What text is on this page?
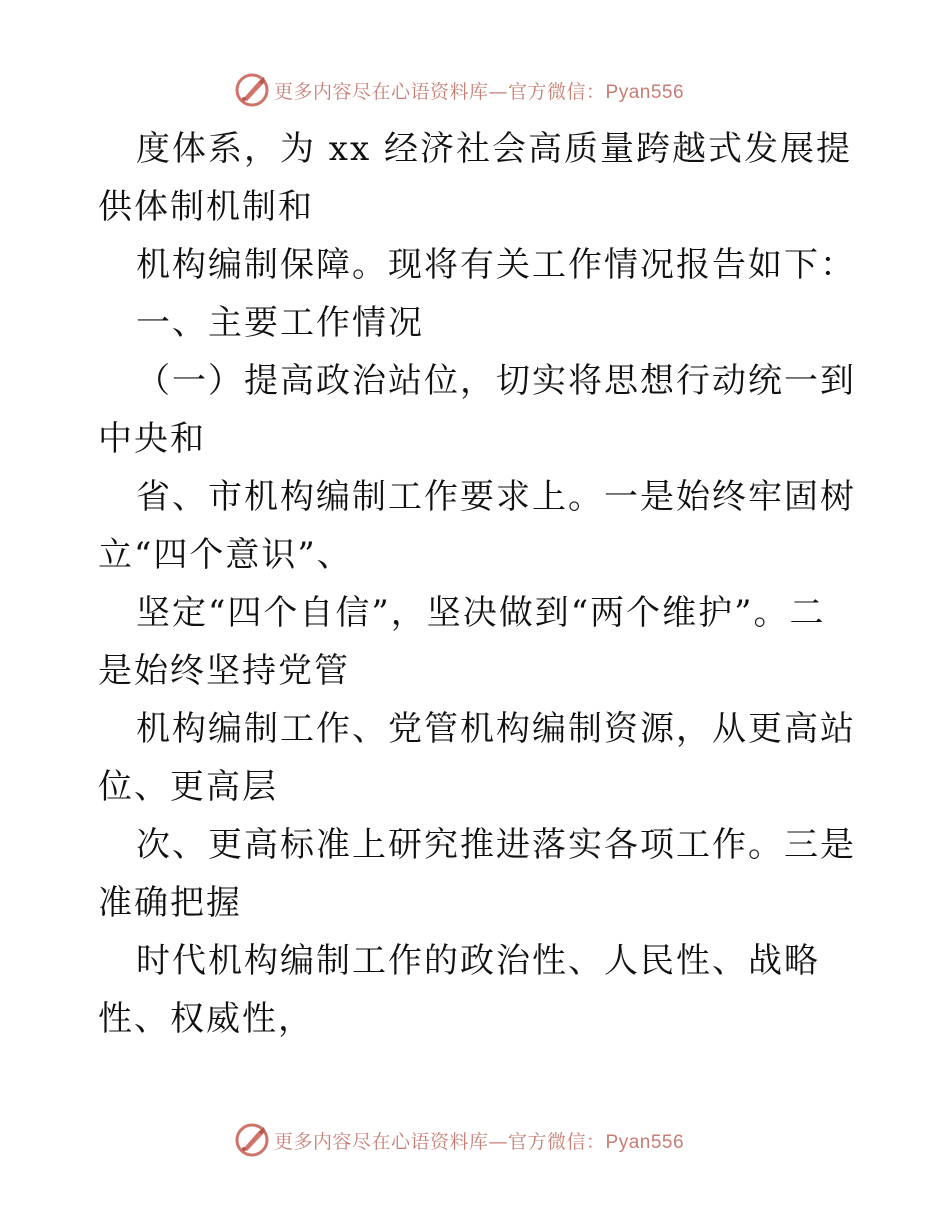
更多内容尽在心语资料库—官方微信：Pyan556

度体系，为 xx 经济社会高质量跨越式发展提供体制机制和

机构编制保障。现将有关工作情况报告如下：

一、主要工作情况

（一）提高政治站位，切实将思想行动统一到中央和

省、市机构编制工作要求上。一是始终牢固树立“四个意识”、

坚定“四个自信”，坚决做到“两个维护”。二是始终坚持党管

机构编制工作、党管机构编制资源，从更高站位、更高层

次、更高标准上研究推进落实各项工作。三是准确把握

时代机构编制工作的政治性、人民性、战略性、权威性，

更多内容尽在心语资料库—官方微信：Pyan556
